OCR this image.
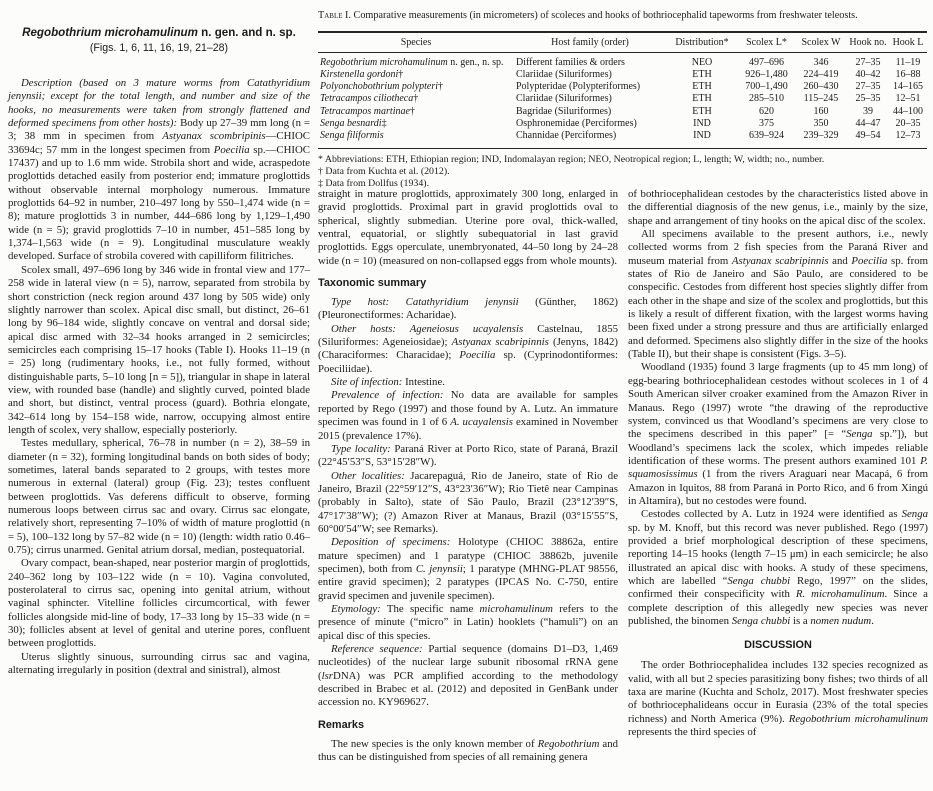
Regobothrium microhamulinum n. gen. and n. sp.
(Figs. 1, 6, 11, 16, 19, 21–28)

Description (based on 3 mature worms from Catathyridium jenynsii; except for the total length, and number and size of the hooks, no measurements were taken from strongly flattened and deformed specimens from other hosts): Body up 27–39 mm long (n = 3; 38 mm in specimen from Astyanax scombripinis—CHIOC 33694c; 57 mm in the longest specimen from Poecilia sp.—CHIOC 17437) and up to 1.6 mm wide. Strobila short and wide, acraspedote proglottids detached easily from posterior end; immature proglottids without observable internal morphology numerous. Immature proglottids 64–92 in number, 210–497 long by 550–1,474 wide (n = 8); mature proglottids 3 in number, 444–686 long by 1,129–1,490 wide (n = 5); gravid proglottids 7–10 in number, 451–585 long by 1,374–1,563 wide (n = 9). Longitudinal musculature weakly developed. Surface of strobila covered with capilliform filitriches.

Scolex small, 497–696 long by 346 wide in frontal view and 177–258 wide in lateral view (n = 5), narrow, separated from strobila by short constriction (neck region around 437 long by 505 wide) only slightly narrower than scolex. Apical disc small, but distinct, 26–61 long by 96–184 wide, slightly concave on ventral and dorsal side; apical disc armed with 32–34 hooks arranged in 2 semicircles; semicircles each comprising 15–17 hooks (Table I). Hooks 11–19 (n = 25) long (rudimentary hooks, i.e., not fully formed, without distinguishable parts, 5–10 long [n = 5]), triangular in shape in lateral view, with rounded base (handle) and slightly curved, pointed blade and short, but distinct, ventral process (guard). Bothria elongate, 342–614 long by 154–158 wide, narrow, occupying almost entire length of scolex, very shallow, especially posteriorly.

Testes medullary, spherical, 76–78 in number (n = 2), 38–59 in diameter (n = 32), forming longitudinal bands on both sides of body; sometimes, lateral bands separated to 2 groups, with testes more numerous in external (lateral) group (Fig. 23); testes confluent between proglottids. Vas deferens difficult to observe, forming numerous loops between cirrus sac and ovary. Cirrus sac elongate, relatively short, representing 7–10% of width of mature proglottid (n = 5), 100–132 long by 57–82 wide (n = 10) (length: width ratio 0.46–0.75); cirrus unarmed. Genital atrium dorsal, median, postequatorial.

Ovary compact, bean-shaped, near posterior margin of proglottids, 240–362 long by 103–122 wide (n = 10). Vagina convoluted, posterolateral to cirrus sac, opening into genital atrium, without vaginal sphincter. Vitelline follicles circumcortical, with fewer follicles alongside mid-line of body, 17–33 long by 15–33 wide (n = 30); follicles absent at level of genital and uterine pores, confluent between proglottids.

Uterus slightly sinuous, surrounding cirrus sac and vagina, alternating irregularly in position (dextral and sinistral), almost

Table I. Comparative measurements (in micrometers) of scoleces and hooks of bothriocephalid tapeworms from freshwater teleosts.
Species	Host family (order)	Distribution*	Scolex L*	Scolex W	Hook no.	Hook L
Regobothrium microhamulinum n. gen., n. sp.	Different families & orders	NEO	497–696	346	27–35	11–19
Kirstenella gordoni†	Clariidae (Siluriformes)	ETH	926–1,480	224–419	40–42	16–88
Polyonchobothrium polypteri†	Polypteridae (Polypteriformes)	ETH	700–1,490	260–430	27–35	14–165
Tetracampos ciliotheca†	Clariidae (Siluriformes)	ETH	285–510	115–245	25–35	12–51
Tetracampos martinae†	Bagridae (Siluriformes)	ETH	620	160	39	44–100
Senga besnardi‡	Osphronemidae (Perciformes)	IND	375	350	44–47	20–35
Senga filiformis	Channidae (Perciformes)	IND	639–924	239–329	49–54	12–73
* Abbreviations: ETH, Ethiopian region; IND, Indomalayan region; NEO, Neotropical region; L, length; W, width; no., number.
† Data from Kuchta et al. (2012).
‡ Data from Dollfus (1934).

straight in mature proglottids, approximately 300 long, enlarged in gravid proglottids. Proximal part in gravid proglottids oval to spherical, slightly submedian. Uterine pore oval, thick-walled, ventral, equatorial, or slightly subequatorial in last gravid proglottids. Eggs operculate, unembryonated, 44–50 long by 24–28 wide (n = 10) (measured on non-collapsed eggs from whole mounts).

Taxonomic summary

Type host: Catathyridium jenynsii (Günther, 1862) (Pleuronectiformes: Acharidae).

Other hosts: Ageneiosus ucayalensis Castelnau, 1855 (Siluriformes: Ageneiosidae); Astyanax scabripinnis (Jenyns, 1842) (Characiformes: Characidae); Poecilia sp. (Cyprinodontiformes: Poeciliidae).

Site of infection: Intestine.

Prevalence of infection: No data are available for samples reported by Rego (1997) and those found by A. Lutz. An immature specimen was found in 1 of 6 A. ucayalensis examined in November 2015 (prevalence 17%).

Type locality: Paraná River at Porto Rico, state of Paraná, Brazil (22°45′53″S, 53°15′28″W).

Other localities: Jacarepaguá, Rio de Janeiro, state of Rio de Janeiro, Brazil (22°59′12″S, 43°23′36″W); Rio Tietê near Campinas (probably in Salto), state of São Paulo, Brazil (23°12′39″S, 47°17′38″W); (?) Amazon River at Manaus, Brazil (03°15′55″S, 60°00′54″W; see Remarks).

Deposition of specimens: Holotype (CHIOC 38862a, entire mature specimen) and 1 paratype (CHIOC 38862b, juvenile specimen), both from C. jenynsii; 1 paratype (MHNG-PLAT 98556, entire gravid specimen); 2 paratypes (IPCAS No. C-750, entire gravid specimen and juvenile specimen).

Etymology: The specific name microhamulinum refers to the presence of minute (“micro” in Latin) hooklets (“hamuli”) on an apical disc of this species.

Reference sequence: Partial sequence (domains D1–D3, 1,469 nucleotides) of the nuclear large subunit ribosomal rRNA gene (lsrDNA) was PCR amplified according to the methodology described in Brabec et al. (2012) and deposited in GenBank under accession no. KY969627.

Remarks

The new species is the only known member of Regobothrium and thus can be distinguished from species of all remaining genera

of bothriocephalidean cestodes by the characteristics listed above in the differential diagnosis of the new genus, i.e., mainly by the size, shape and arrangement of tiny hooks on the apical disc of the scolex.

All specimens available to the present authors, i.e., newly collected worms from 2 fish species from the Paraná River and museum material from Astyanax scabripinnis and Poecilia sp. from states of Rio de Janeiro and São Paulo, are considered to be conspecific. Cestodes from different host species slightly differ from each other in the shape and size of the scolex and proglottids, but this is likely a result of different fixation, with the largest worms having been fixed under a strong pressure and thus are artificially enlarged and deformed. Specimens also slightly differ in the size of the hooks (Table II), but their shape is consistent (Figs. 3–5).

Woodland (1935) found 3 large fragments (up to 45 mm long) of egg-bearing bothriocephalidean cestodes without scoleces in 1 of 4 South American silver croaker examined from the Amazon River in Manaus. Rego (1997) wrote “the drawing of the reproductive system, convinced us that Woodland’s specimens are very close to the specimens described in this paper” [= “Senga sp.”]), but Woodland’s specimens lack the scolex, which impedes reliable identification of these worms. The present authors examined 101 P. squamosissimus (1 from the rivers Araguari near Macapá, 6 from Amazon in Iquitos, 88 from Paraná in Porto Rico, and 6 from Xingú in Altamira), but no cestodes were found.

Cestodes collected by A. Lutz in 1924 were identified as Senga sp. by M. Knoff, but this record was never published. Rego (1997) provided a brief morphological description of these specimens, reporting 14–15 hooks (length 7–15 μm) in each semicircle; he also illustrated an apical disc with hooks. A study of these specimens, which are labelled “Senga chubbi Rego, 1997” on the slides, confirmed their conspecificity with R. microhamulinum. Since a complete description of this allegedly new species was never published, the binomen Senga chubbi is a nomen nudum.

DISCUSSION

The order Bothriocephalidea includes 132 species recognized as valid, with all but 2 species parasitizing bony fishes; two thirds of all taxa are marine (Kuchta and Scholz, 2017). Most freshwater species of bothriocephalideans occur in Eurasia (23% of the total species richness) and North America (9%). Regobothrium microhamulinum represents the third species of
